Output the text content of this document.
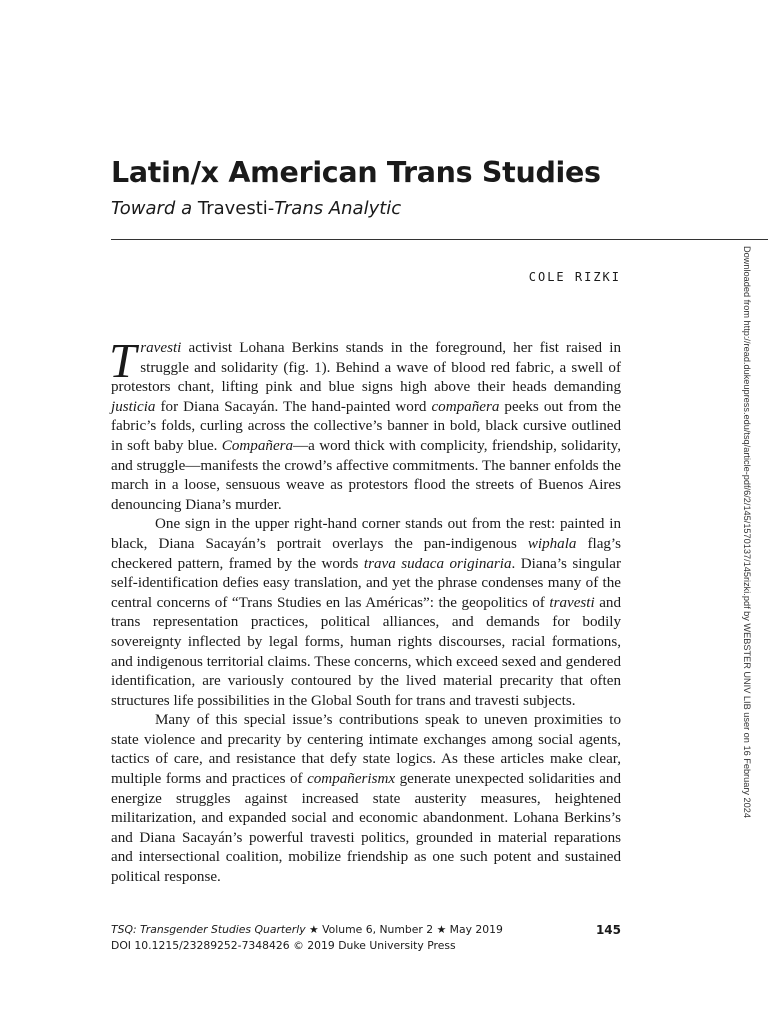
Latin/x American Trans Studies
Toward a Travesti-Trans Analytic
COLE RIZKI	Downloaded from http://read.dukeupress.edu/tsq/article-pdf/6/2/145/1570137/145rizki.pdf by WEBSTER UNIV LIB user on 16 February 2024

Travesti activist Lohana Berkins stands in the foreground, her fist raised in struggle and solidarity (fig. 1). Behind a wave of blood red fabric, a swell of protestors chant, lifting pink and blue signs high above their heads demanding justicia for Diana Sacayán. The hand-painted word compañera peeks out from the fabric’s folds, curling across the collective’s banner in bold, black cursive outlined in soft baby blue. Compañera—a word thick with complicity, friendship, solidarity, and struggle—manifests the crowd’s affective commitments. The banner enfolds the march in a loose, sensuous weave as protestors flood the streets of Buenos Aires denouncing Diana’s murder.

One sign in the upper right-hand corner stands out from the rest: painted in black, Diana Sacayán’s portrait overlays the pan-indigenous wiphala flag’s checkered pattern, framed by the words trava sudaca originaria. Diana’s singular self-identification defies easy translation, and yet the phrase condenses many of the central concerns of “Trans Studies en las Américas”: the geopolitics of travesti and trans representation practices, political alliances, and demands for bodily sovereignty inflected by legal forms, human rights discourses, racial formations, and indigenous territorial claims. These concerns, which exceed sexed and gendered identification, are variously contoured by the lived material precarity that often structures life possibilities in the Global South for trans and travesti subjects.

Many of this special issue’s contributions speak to uneven proximities to state violence and precarity by centering intimate exchanges among social agents, tactics of care, and resistance that defy state logics. As these articles make clear, multiple forms and practices of compañerismx generate unexpected solidarities and energize struggles against increased state austerity measures, heightened militarization, and expanded social and economic abandonment. Lohana Berkins’s and Diana Sacayán’s powerful travesti politics, grounded in material reparations and intersectional coalition, mobilize friendship as one such potent and sustained political response.

TSQ: Transgender Studies Quarterly ★ Volume 6, Number 2 ★ May 2019	145
DOI 10.1215/23289252-7348426 © 2019 Duke University Press
